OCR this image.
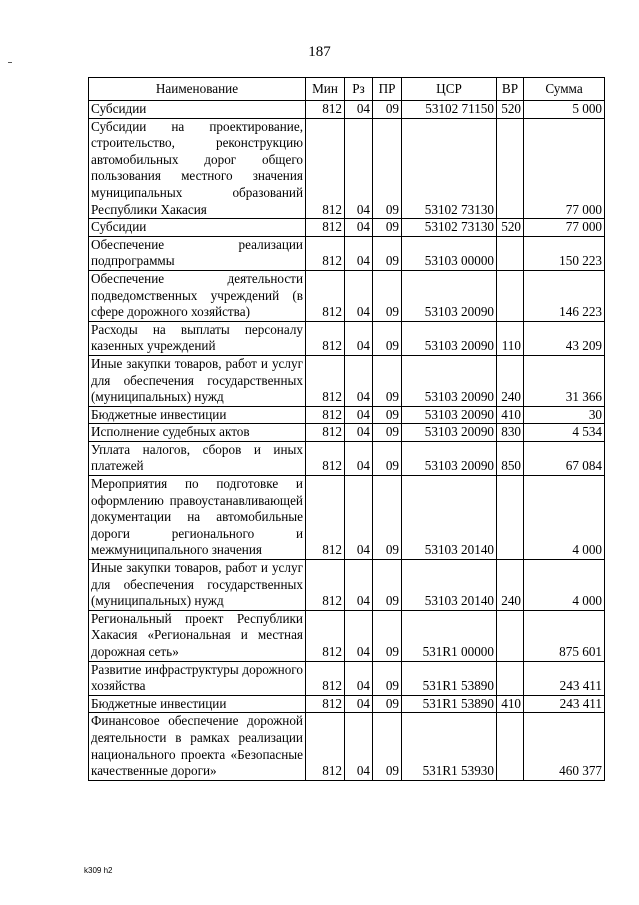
187
Наименование	Мин	Рз	ПР	ЦСР	ВР	Сумма
Субсидии	812	04	09	53102 71150	520	5 000
Субсидии на проектирование, строительство, реконструкцию автомобильных дорог общего пользования местного значения муниципальных образований Республики Хакасия	812	04	09	53102 73130		77 000
Субсидии	812	04	09	53102 73130	520	77 000
Обеспечение реализации подпрограммы	812	04	09	53103 00000		150 223
Обеспечение деятельности подведомственных учреждений (в сфере дорожного хозяйства)	812	04	09	53103 20090		146 223
Расходы на выплаты персоналу казенных учреждений	812	04	09	53103 20090	110	43 209
Иные закупки товаров, работ и услуг для обеспечения государственных (муниципальных) нужд	812	04	09	53103 20090	240	31 366
Бюджетные инвестиции	812	04	09	53103 20090	410	30
Исполнение судебных актов	812	04	09	53103 20090	830	4 534
Уплата налогов, сборов и иных платежей	812	04	09	53103 20090	850	67 084
Мероприятия по подготовке и оформлению правоустанавливающей документации на автомобильные дороги регионального и межмуниципального значения	812	04	09	53103 20140		4 000
Иные закупки товаров, работ и услуг для обеспечения государственных (муниципальных) нужд	812	04	09	53103 20140	240	4 000
Региональный проект Республики Хакасия «Региональная и местная дорожная сеть»	812	04	09	531R1 00000		875 601
Развитие инфраструктуры дорожного хозяйства	812	04	09	531R1 53890		243 411
Бюджетные инвестиции	812	04	09	531R1 53890	410	243 411
Финансовое обеспечение дорожной деятельности в рамках реализации национального проекта «Безопасные качественные дороги»	812	04	09	531R1 53930		460 377
k309 h2
